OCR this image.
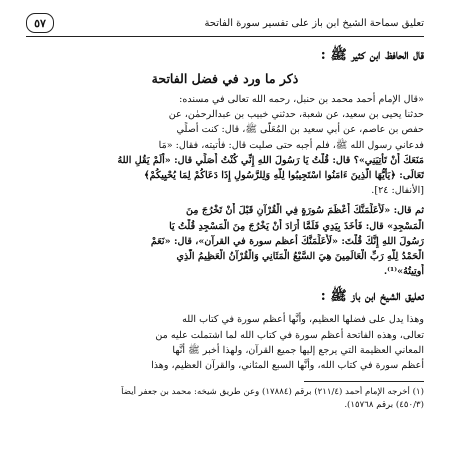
تعليق سماحة الشيخ ابن باز على تفسير سورة الفاتحة
٥٧
قال الحافظ ابن كثير ﷺ :
ذكر ما ورد في فضل الفاتحة
«قال الإمام أحمد محمد بن حنبل، رحمه الله تعالى في مسنده:
حدثنا يحيى بن سعيد، عن شعبة، حدثني خبيب بن عبدالرحمٰن، عن
حفص بن عاصم، عن أبي سعيد بن المُعَلَّى ﷺ، قال: كنت أصلِّي
فدعاني رسول الله ﷺ، فلم أجبه حتى صليت قال: فأتيته، فقال: «مَا
مَنَعَكَ أَنْ تَأْتِيَنِي»؟ قال: قُلْتُ يَا رَسُولَ اللهِ إِنِّي كُنْتُ أُصَلِّي قال: «أَلَمْ يَقُلِ اللهُ
تَعَالَى: ﴿يَأَيُّهَا الَّذِينَ ءَامَنُوا اسْتَجِيبُوا لِلَّهِ وَلِلرَّسُولِ إِذَا دَعَاكُمْ لِمَا يُحْيِيكُمْ﴾
[الأنفال: ٢٤].
ثم قال: «لَأُعَلِّمَنَّكَ أَعْظَمَ سُورَةٍ فِي الْقُرْآنِ قَبْلَ أَنْ تَخْرُجَ مِنَ
الْمَسْجِدِ» قال: فَأَخَذَ بِيَدِي فَلَمَّا أَرَادَ أَنْ يَخْرُجَ مِنَ الْمَسْجِدِ قُلْتُ يَا
رَسُولَ اللهِ إِنَّكَ قُلْتَ: «لَأُعَلِّمَنَّكَ أعظم سورة في القرآن»، قال: «نَعَمْ
الْحَمْدُ لِلَّهِ رَبِّ الْعَالَمِينَ هِيَ السَّبْعُ الْمَثَانِي وَالْقُرْآنُ الْعَظِيمُ الَّذِي
أُوتِيتُهُ»⁽¹⁾.
تعليق الشيخ ابن باز ﷺ :
وهذا يدل على فضلها العظيم، وأنَّها أعظم سورة في كتاب الله
تعالى، وهذه الفاتحة أعظم سورة في كتاب الله لما اشتملت عليه من
المعاني العظيمة التي يرجع إليها جميع القرآن، ولهذا أخبر ﷺ أنَّها
أعظم سورة في كتاب الله، وأنَّها السبع المثاني، والقرآن العظيم، وهذا
(١) أخرجه الإمام أحمد (٢١١/٤) برقم (١٧٨٨٤) وعن طريق شيخه: محمد بن جعفر أيضاً
(٤٥٠/٣) برقم ١٥٧٦٨).
